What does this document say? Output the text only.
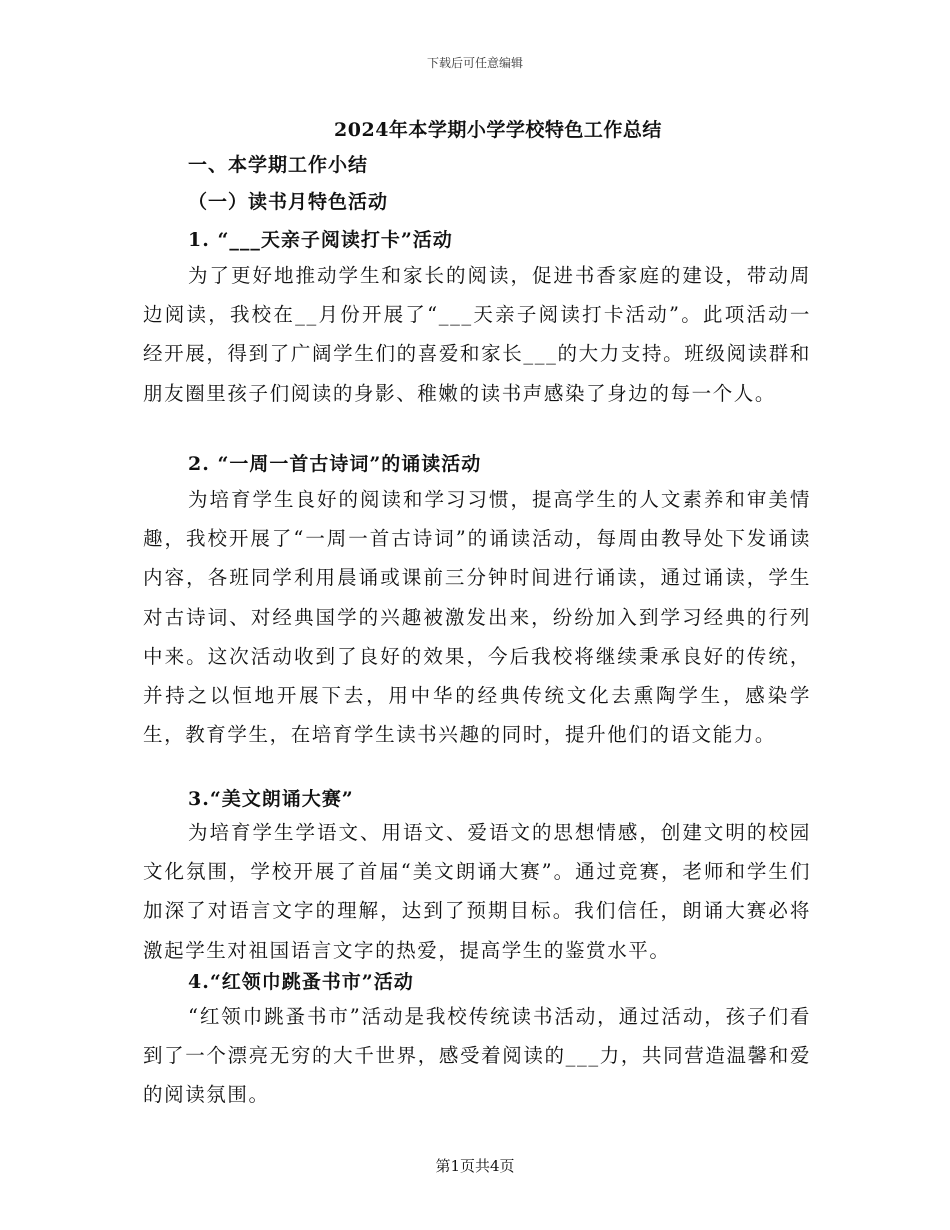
下载后可任意编辑
2024年本学期小学学校特色工作总结
一、本学期工作小结
（一）读书月特色活动
1. “___天亲子阅读打卡”活动

为了更好地推动学生和家长的阅读，促进书香家庭的建设，带动周边阅读，我校在__月份开展了“___天亲子阅读打卡活动”。此项活动一经开展，得到了广阔学生们的喜爱和家长___的大力支持。班级阅读群和朋友圈里孩子们阅读的身影、稚嫩的读书声感染了身边的每一个人。

2. “一周一首古诗词”的诵读活动

为培育学生良好的阅读和学习习惯，提高学生的人文素养和审美情趣，我校开展了“一周一首古诗词”的诵读活动，每周由教导处下发诵读内容，各班同学利用晨诵或课前三分钟时间进行诵读，通过诵读，学生对古诗词、对经典国学的兴趣被激发出来，纷纷加入到学习经典的行列中来。这次活动收到了良好的效果，今后我校将继续秉承良好的传统，并持之以恒地开展下去，用中华的经典传统文化去熏陶学生，感染学生，教育学生，在培育学生读书兴趣的同时，提升他们的语文能力。

3.“美文朗诵大赛”

为培育学生学语文、用语文、爱语文的思想情感，创建文明的校园文化氛围，学校开展了首届“美文朗诵大赛”。通过竞赛，老师和学生们加深了对语言文字的理解，达到了预期目标。我们信任，朗诵大赛必将激起学生对祖国语言文字的热爱，提高学生的鉴赏水平。

4.“红领巾跳蚤书市”活动

“红领巾跳蚤书市”活动是我校传统读书活动，通过活动，孩子们看到了一个漂亮无穷的大千世界，感受着阅读的___力，共同营造温馨和爱的阅读氛围。

第1页共4页
